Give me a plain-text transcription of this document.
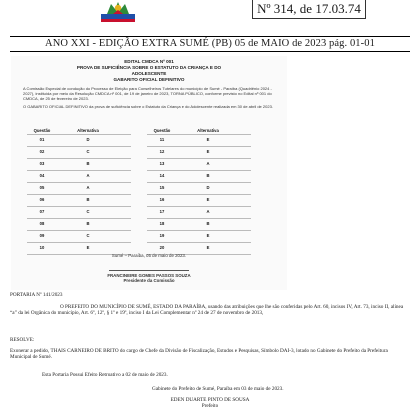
Nº 314, de 17.03.74
ANO XXI - EDIÇÃO EXTRA SUMÉ (PB) 05 de MAIO de 2023 pág. 01-01
EDITAL CMDCA Nº 001
PROVA DE SUFICIÊNCIA SOBRE O ESTATUTO DA CRIANÇA E DO
ADOLESCENTE
GABARITO OFICIAL DEFINITIVO
A Comissão Especial de condução do Processo de Eleição para Conselheiros Tutelares do município de Sumé - Paraíba (Quadriênio 2024 - 2027), instituída por meio da Resolução CMDCA nº 001, de 19 de janeiro de 2023, TORNA PÚBLICO, conforme previsto no Edital nº 001 do CMDCA, de 25 de fevereiro de 2023.
O GABARITO OFICIAL DEFINITIVO da prova de suficiência sobre o Estatuto da Criança e do Adolescente realizada em 30 de abril de 2023.
Questão	Alternativa
01	D
02	C
03	B
04	A
05	A
06	B
07	C
08	B
09	C
10	E
Questão	Alternativa
11	E
12	E
13	A
14	B
15	D
16	E
17	A
18	B
19	E
20	E
Sumé – Paraíba, 05 de maio de 2023.
FRANCINEIRE GOMES PASSOS SOUZA
Presidente da Comissão
PORTARIA Nº 141/2023
O PREFEITO DO MUNICÍPIO DE SUMÉ, ESTADO DA PARAÍBA, usando das atribuições que lhe são conferidas pelo Art. 60, incisos IV, Art. 73, inciso II, alínea “a” da lei Orgânica do município, Art. 6º, 12º, § 1º e 19º, inciso I da Lei Complementar nº 24 de 27 de novembro de 2013,
RESOLVE:
Exonerar a pedido, THAIS CARNEIRO DE BRITO do cargo de Chefe da Divisão de Fiscalização, Estudos e Pesquisas, Símbolo DAI-3, lotado no Gabinete do Prefeito da Prefeitura Municipal de Sumé.
Esta Portaria Possui Efeito Retroativo a 02 de maio de 2023.
Gabinete do Prefeito de Sumé, Paraíba em 03 de maio de 2023.
EDEN DUARTE PINTO DE SOUSA
Prefeito
